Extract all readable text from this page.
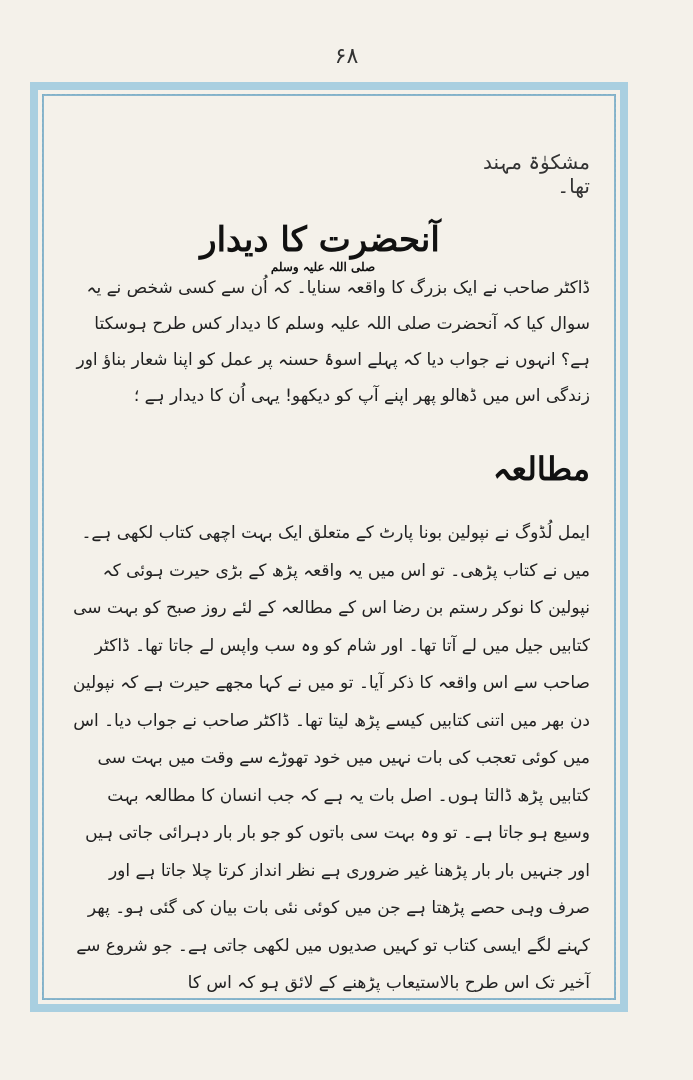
۶۸
مشکوٰۃ مہند تھا۔
آنحضرت کا دیدار صلی اللہ علیہ وسلم
ڈاکٹر صاحب نے ایک بزرگ کا واقعہ سنایا۔ کہ اُن سے کسی شخص نے یہ سوال کیا کہ آنحضرت صلی اللہ علیہ وسلم کا دیدار کس طرح ہوسکتا ہے؟ انہوں نے جواب دیا کہ پہلے اسوۂ حسنہ پر عمل کو اپنا شعار بناؤ اور زندگی اس میں ڈھالو پھر اپنے آپ کو دیکھو! یہی اُن کا دیدار ہے ؛
مطالعہ
ایمل لُڈوگ نے نپولین بونا پارٹ کے متعلق ایک بہت اچھی کتاب لکھی ہے۔ میں نے کتاب پڑھی۔ تو اس میں یہ واقعہ پڑھ کے بڑی حیرت ہوئی کہ نپولین کا نوکر رستم بن رضا اس کے مطالعہ کے لئے روز صبح کو بہت سی کتابیں جیل میں لے آتا تھا۔ اور شام کو وہ سب واپس لے جاتا تھا۔ ڈاکٹر صاحب سے اس واقعہ کا ذکر آیا۔ تو میں نے کہا مجھے حیرت ہے کہ نپولین دن بھر میں اتنی کتابیں کیسے پڑھ لیتا تھا۔ ڈاکٹر صاحب نے جواب دیا۔ اس میں کوئی تعجب کی بات نہیں میں خود تھوڑے سے وقت میں بہت سی کتابیں پڑھ ڈالتا ہوں۔ اصل بات یہ ہے کہ جب انسان کا مطالعہ بہت وسیع ہو جاتا ہے۔ تو وہ بہت سی باتوں کو جو بار بار دہرائی جاتی ہیں اور جنہیں بار بار پڑھنا غیر ضروری ہے نظر انداز کرتا چلا جاتا ہے اور صرف وہی حصے پڑھتا ہے جن میں کوئی نئی بات بیان کی گئی ہو۔ پھر کہنے لگے ایسی کتاب تو کہیں صدیوں میں لکھی جاتی ہے۔ جو شروع سے آخیر تک اس طرح بالاستیعاب پڑھنے کے لائق ہو کہ اس کا
